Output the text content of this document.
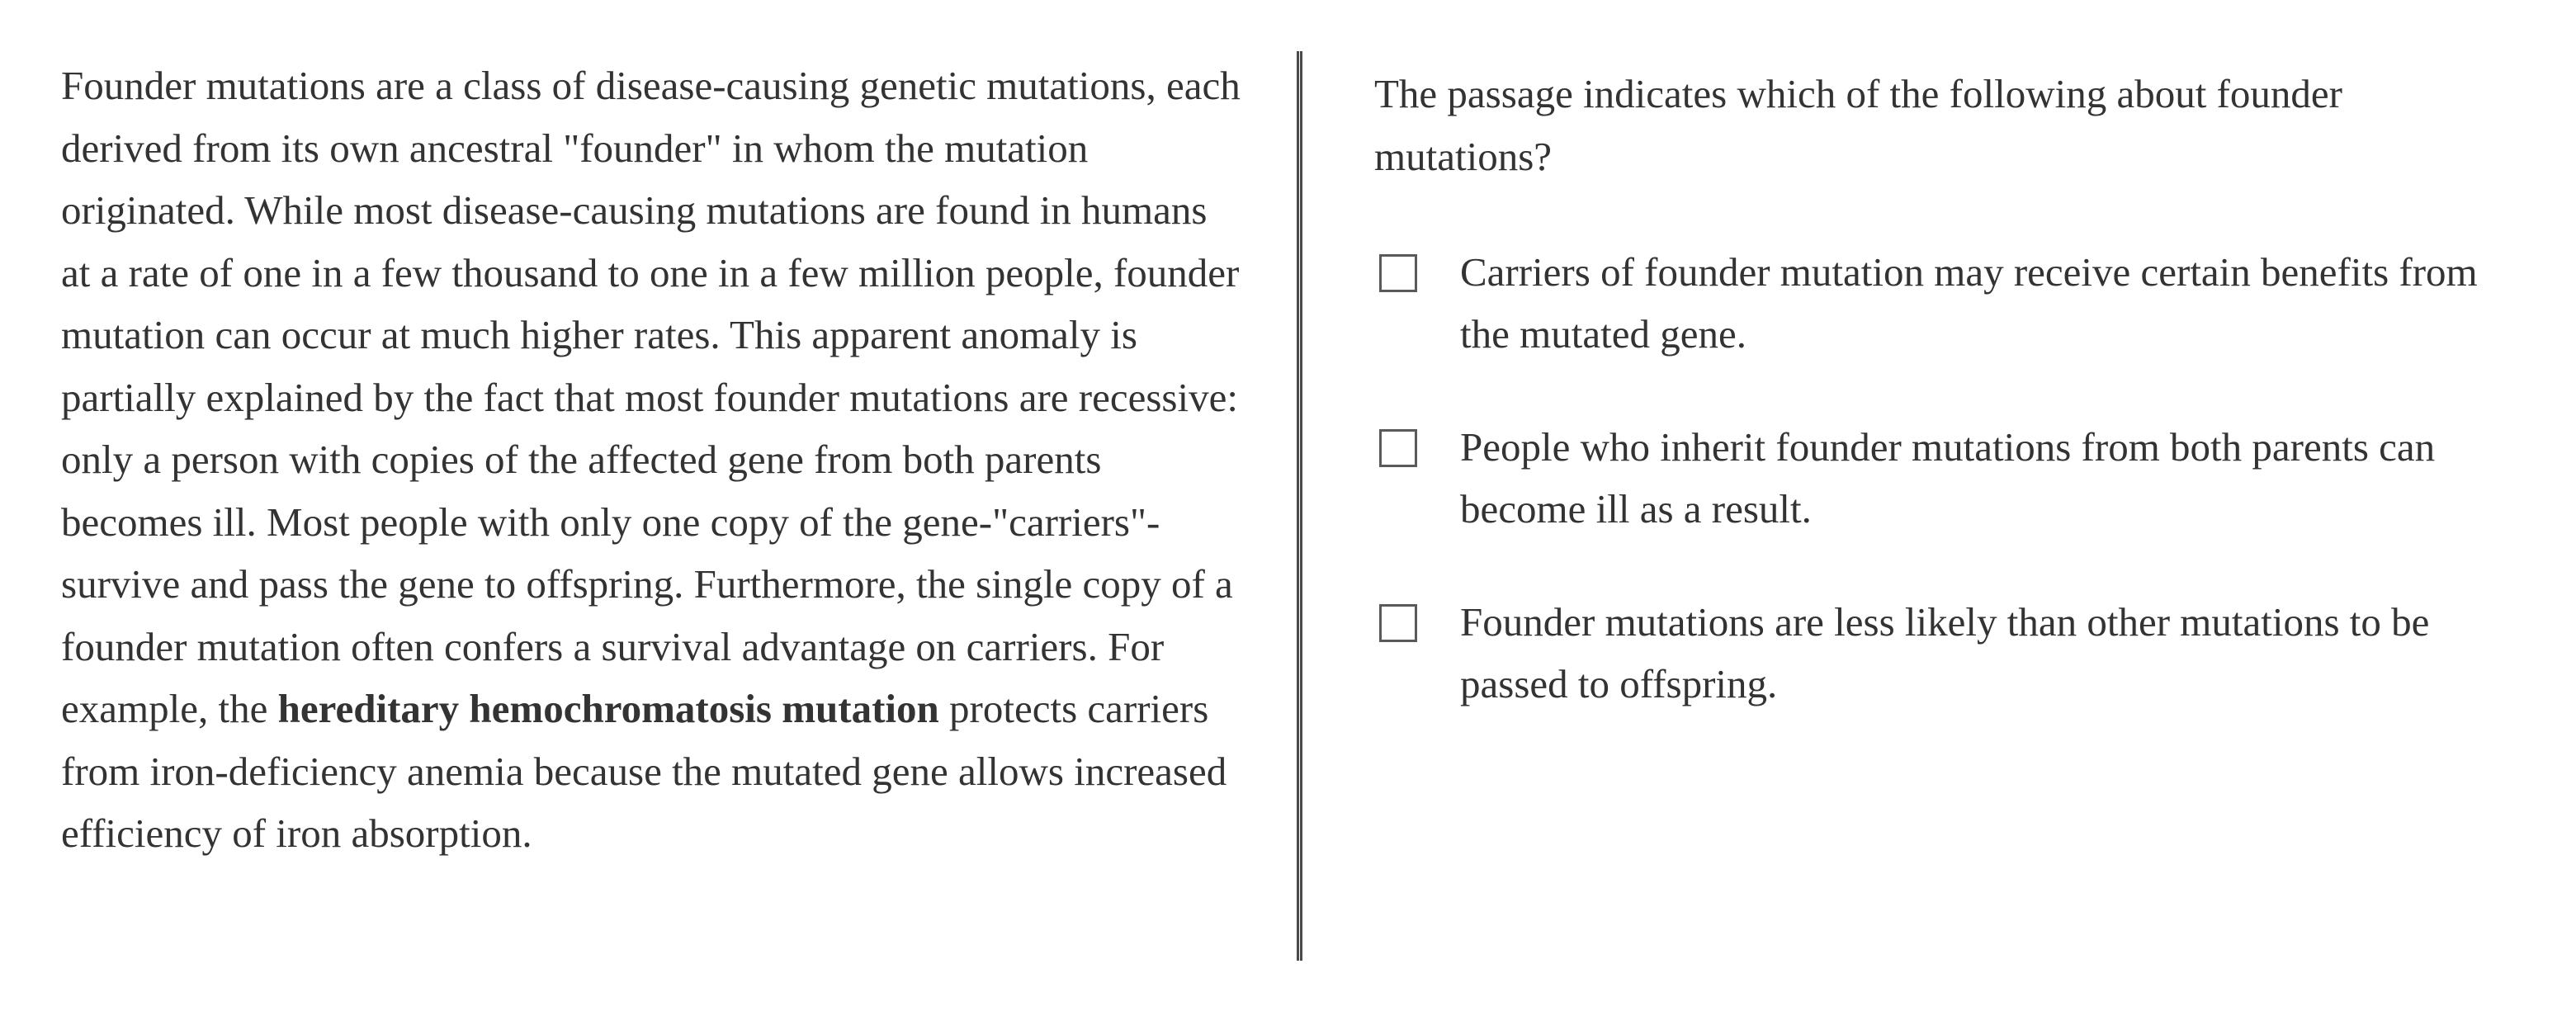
Founder mutations are a class of disease-causing genetic mutations, each derived from its own ancestral "founder" in whom the mutation originated. While most disease-causing mutations are found in humans at a rate of one in a few thousand to one in a few million people, founder mutation can occur at much higher rates. This apparent anomaly is partially explained by the fact that most founder mutations are recessive: only a person with copies of the affected gene from both parents becomes ill. Most people with only one copy of the gene-"carriers"-survive and pass the gene to offspring. Furthermore, the single copy of a founder mutation often confers a survival advantage on carriers. For example, the hereditary hemochromatosis mutation protects carriers from iron-deficiency anemia because the mutated gene allows increased efficiency of iron absorption.

The passage indicates which of the following about founder mutations?

Carriers of founder mutation may receive certain benefits from the mutated gene.
People who inherit founder mutations from both parents can become ill as a result.
Founder mutations are less likely than other mutations to be passed to offspring.
